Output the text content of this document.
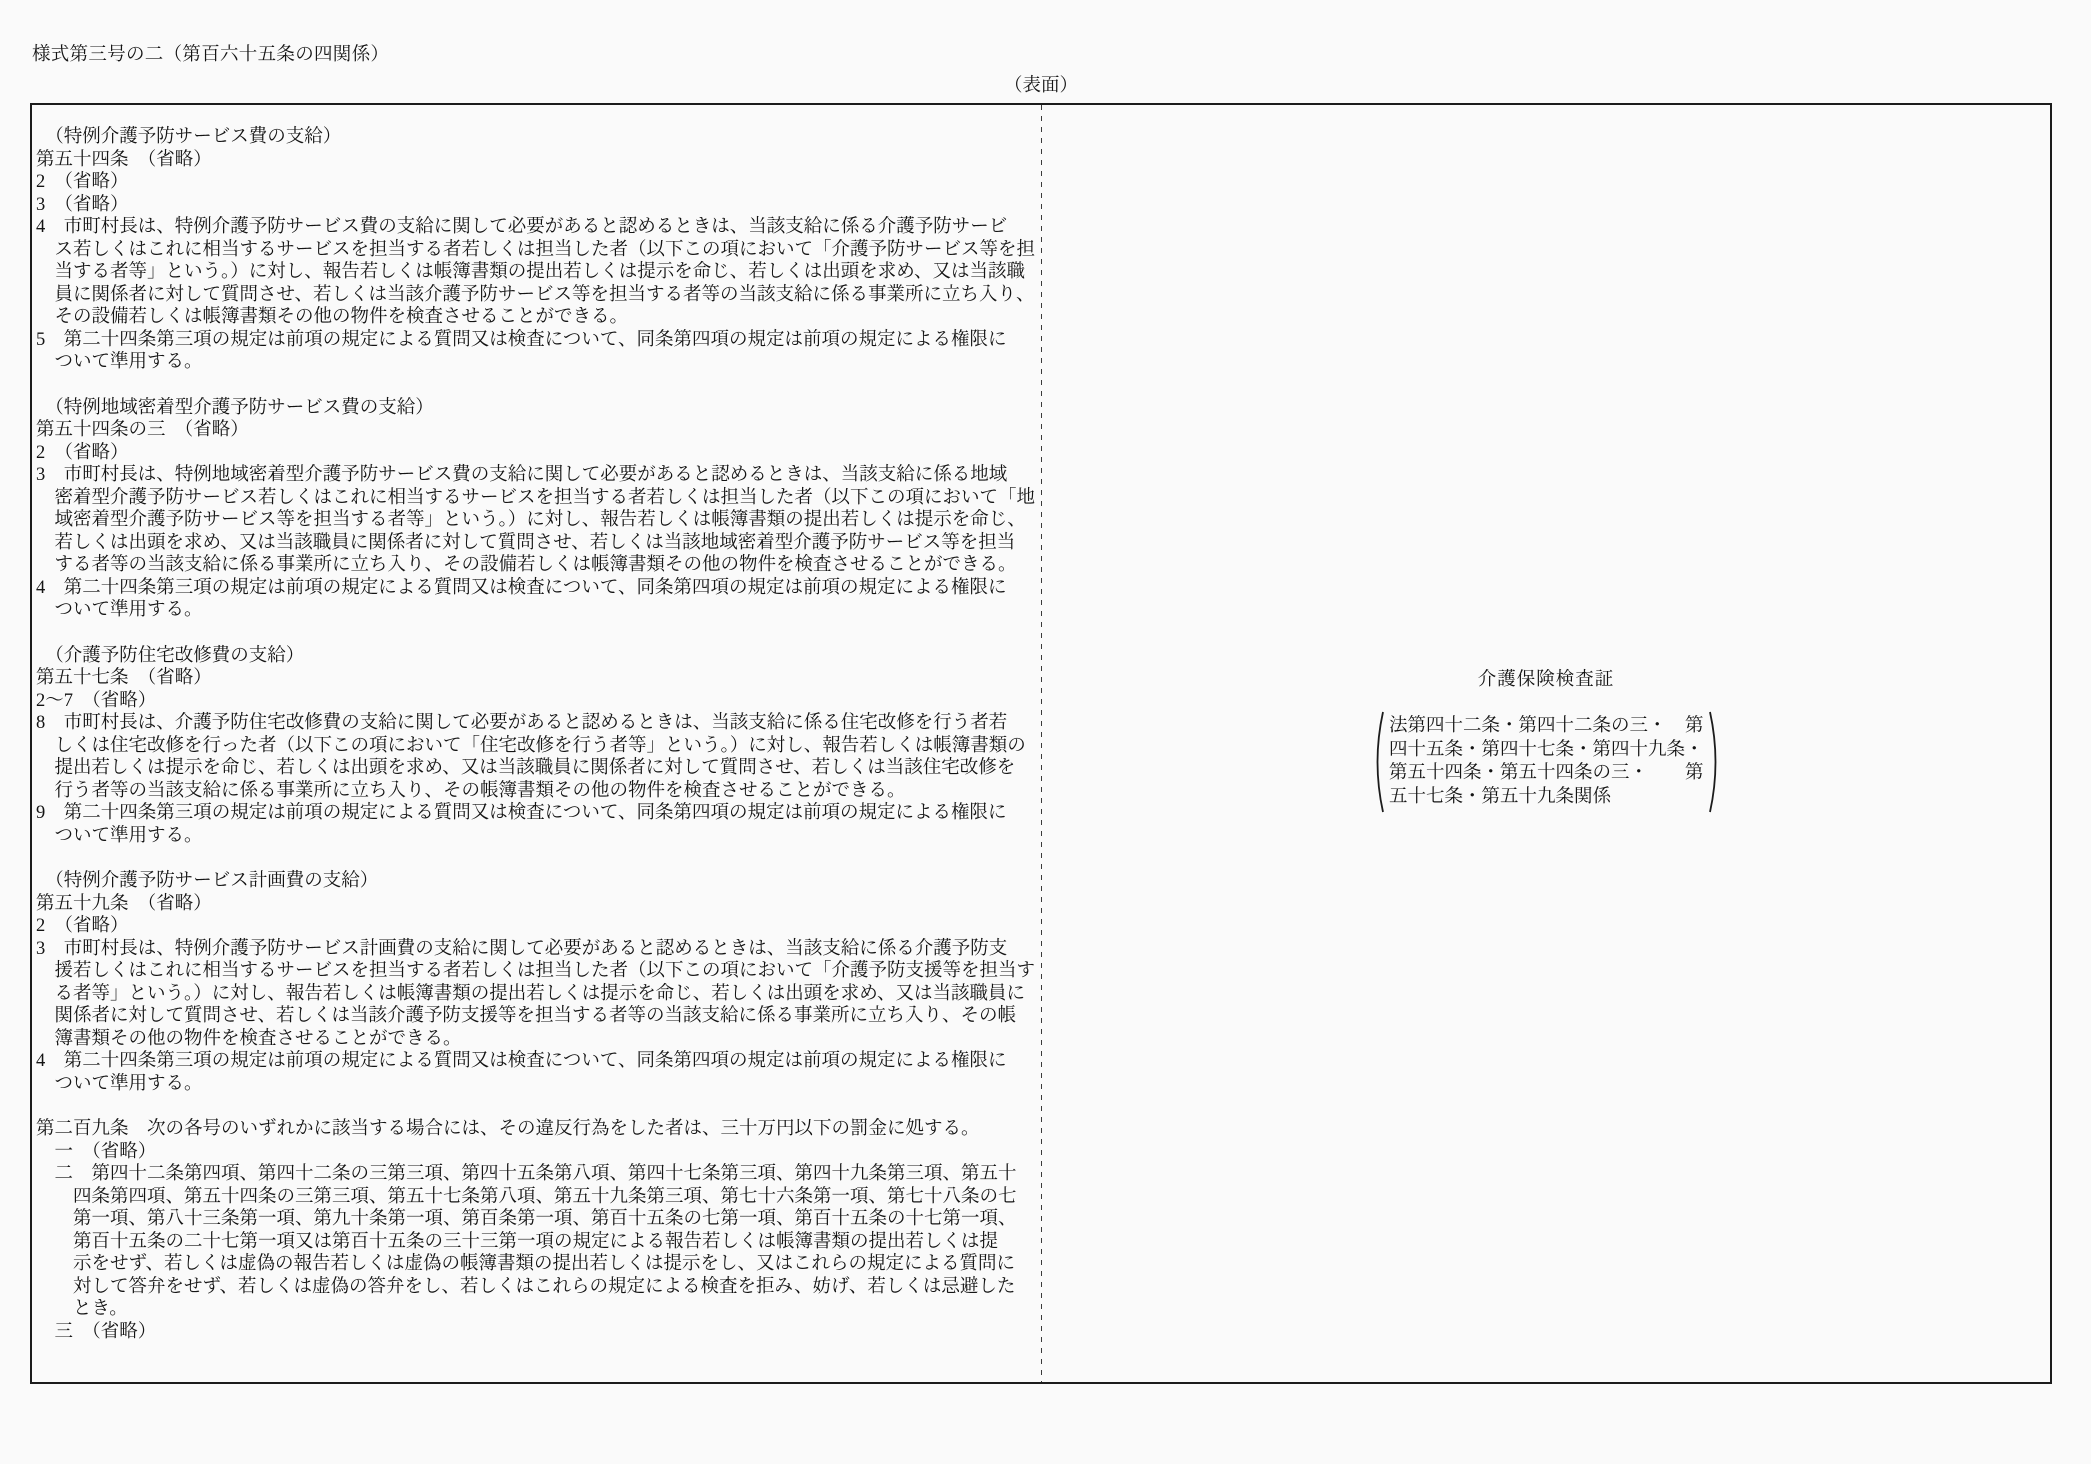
様式第三号の二（第百六十五条の四関係）
（表面）
　（特例介護予防サービス費の支給）
第五十四条　（省略）
2　（省略）
3　（省略）
4　市町村長は、特例介護予防サービス費の支給に関して必要があると認めるときは、当該支給に係る介護予防サービ
　ス若しくはこれに相当するサービスを担当する者若しくは担当した者（以下この項において「介護予防サービス等を担
　当する者等」という。）に対し、報告若しくは帳簿書類の提出若しくは提示を命じ、若しくは出頭を求め、又は当該職
　員に関係者に対して質問させ、若しくは当該介護予防サービス等を担当する者等の当該支給に係る事業所に立ち入り、
　その設備若しくは帳簿書類その他の物件を検査させることができる。
5　第二十四条第三項の規定は前項の規定による質問又は検査について、同条第四項の規定は前項の規定による権限に
　ついて準用する。
　（特例地域密着型介護予防サービス費の支給）
第五十四条の三　（省略）
2　（省略）
3　市町村長は、特例地域密着型介護予防サービス費の支給に関して必要があると認めるときは、当該支給に係る地域
　密着型介護予防サービス若しくはこれに相当するサービスを担当する者若しくは担当した者（以下この項において「地
　域密着型介護予防サービス等を担当する者等」という。）に対し、報告若しくは帳簿書類の提出若しくは提示を命じ、
　若しくは出頭を求め、又は当該職員に関係者に対して質問させ、若しくは当該地域密着型介護予防サービス等を担当
　する者等の当該支給に係る事業所に立ち入り、その設備若しくは帳簿書類その他の物件を検査させることができる。
4　第二十四条第三項の規定は前項の規定による質問又は検査について、同条第四項の規定は前項の規定による権限に
　ついて準用する。
　（介護予防住宅改修費の支給）
第五十七条　（省略）
2～7　（省略）
8　市町村長は、介護予防住宅改修費の支給に関して必要があると認めるときは、当該支給に係る住宅改修を行う者若
　しくは住宅改修を行った者（以下この項において「住宅改修を行う者等」という。）に対し、報告若しくは帳簿書類の
　提出若しくは提示を命じ、若しくは出頭を求め、又は当該職員に関係者に対して質問させ、若しくは当該住宅改修を
　行う者等の当該支給に係る事業所に立ち入り、その帳簿書類その他の物件を検査させることができる。
9　第二十四条第三項の規定は前項の規定による質問又は検査について、同条第四項の規定は前項の規定による権限に
　ついて準用する。
　（特例介護予防サービス計画費の支給）
第五十九条　（省略）
2　（省略）
3　市町村長は、特例介護予防サービス計画費の支給に関して必要があると認めるときは、当該支給に係る介護予防支
　援若しくはこれに相当するサービスを担当する者若しくは担当した者（以下この項において「介護予防支援等を担当す
　る者等」という。）に対し、報告若しくは帳簿書類の提出若しくは提示を命じ、若しくは出頭を求め、又は当該職員に
　関係者に対して質問させ、若しくは当該介護予防支援等を担当する者等の当該支給に係る事業所に立ち入り、その帳
　簿書類その他の物件を検査させることができる。
4　第二十四条第三項の規定は前項の規定による質問又は検査について、同条第四項の規定は前項の規定による権限に
　ついて準用する。
第二百九条　次の各号のいずれかに該当する場合には、その違反行為をした者は、三十万円以下の罰金に処する。
　一　（省略）
　二　第四十二条第四項、第四十二条の三第三項、第四十五条第八項、第四十七条第三項、第四十九条第三項、第五十
　　四条第四項、第五十四条の三第三項、第五十七条第八項、第五十九条第三項、第七十六条第一項、第七十八条の七
　　第一項、第八十三条第一項、第九十条第一項、第百条第一項、第百十五条の七第一項、第百十五条の十七第一項、
　　第百十五条の二十七第一項又は第百十五条の三十三第一項の規定による報告若しくは帳簿書類の提出若しくは提
　　示をせず、若しくは虚偽の報告若しくは虚偽の帳簿書類の提出若しくは提示をし、又はこれらの規定による質問に
　　対して答弁をせず、若しくは虚偽の答弁をし、若しくはこれらの規定による検査を拒み、妨げ、若しくは忌避した
　　とき。
　三　（省略）
介護保険検査証
法第四十二条・第四十二条の三・　第
四十五条・第四十七条・第四十九条・
第五十四条・第五十四条の三・　　第
五十七条・第五十九条関係
